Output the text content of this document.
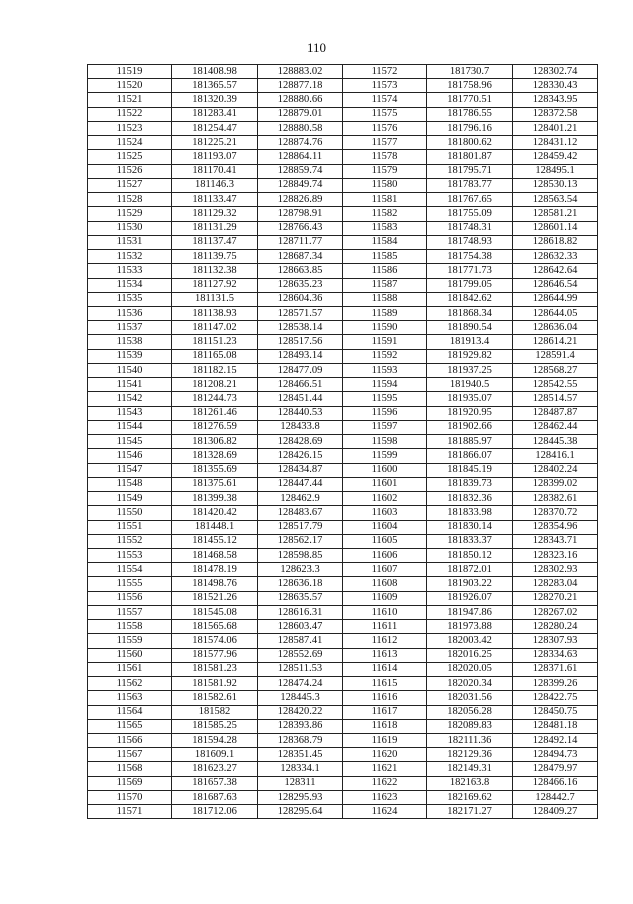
110
11519	181408.98	128883.02	11572	181730.7	128302.74
11520	181365.57	128877.18	11573	181758.96	128330.43
11521	181320.39	128880.66	11574	181770.51	128343.95
11522	181283.41	128879.01	11575	181786.55	128372.58
11523	181254.47	128880.58	11576	181796.16	128401.21
11524	181225.21	128874.76	11577	181800.62	128431.12
11525	181193.07	128864.11	11578	181801.87	128459.42
11526	181170.41	128859.74	11579	181795.71	128495.1
11527	181146.3	128849.74	11580	181783.77	128530.13
11528	181133.47	128826.89	11581	181767.65	128563.54
11529	181129.32	128798.91	11582	181755.09	128581.21
11530	181131.29	128766.43	11583	181748.31	128601.14
11531	181137.47	128711.77	11584	181748.93	128618.82
11532	181139.75	128687.34	11585	181754.38	128632.33
11533	181132.38	128663.85	11586	181771.73	128642.64
11534	181127.92	128635.23	11587	181799.05	128646.54
11535	181131.5	128604.36	11588	181842.62	128644.99
11536	181138.93	128571.57	11589	181868.34	128644.05
11537	181147.02	128538.14	11590	181890.54	128636.04
11538	181151.23	128517.56	11591	181913.4	128614.21
11539	181165.08	128493.14	11592	181929.82	128591.4
11540	181182.15	128477.09	11593	181937.25	128568.27
11541	181208.21	128466.51	11594	181940.5	128542.55
11542	181244.73	128451.44	11595	181935.07	128514.57
11543	181261.46	128440.53	11596	181920.95	128487.87
11544	181276.59	128433.8	11597	181902.66	128462.44
11545	181306.82	128428.69	11598	181885.97	128445.38
11546	181328.69	128426.15	11599	181866.07	128416.1
11547	181355.69	128434.87	11600	181845.19	128402.24
11548	181375.61	128447.44	11601	181839.73	128399.02
11549	181399.38	128462.9	11602	181832.36	128382.61
11550	181420.42	128483.67	11603	181833.98	128370.72
11551	181448.1	128517.79	11604	181830.14	128354.96
11552	181455.12	128562.17	11605	181833.37	128343.71
11553	181468.58	128598.85	11606	181850.12	128323.16
11554	181478.19	128623.3	11607	181872.01	128302.93
11555	181498.76	128636.18	11608	181903.22	128283.04
11556	181521.26	128635.57	11609	181926.07	128270.21
11557	181545.08	128616.31	11610	181947.86	128267.02
11558	181565.68	128603.47	11611	181973.88	128280.24
11559	181574.06	128587.41	11612	182003.42	128307.93
11560	181577.96	128552.69	11613	182016.25	128334.63
11561	181581.23	128511.53	11614	182020.05	128371.61
11562	181581.92	128474.24	11615	182020.34	128399.26
11563	181582.61	128445.3	11616	182031.56	128422.75
11564	181582	128420.22	11617	182056.28	128450.75
11565	181585.25	128393.86	11618	182089.83	128481.18
11566	181594.28	128368.79	11619	182111.36	128492.14
11567	181609.1	128351.45	11620	182129.36	128494.73
11568	181623.27	128334.1	11621	182149.31	128479.97
11569	181657.38	128311	11622	182163.8	128466.16
11570	181687.63	128295.93	11623	182169.62	128442.7
11571	181712.06	128295.64	11624	182171.27	128409.27
